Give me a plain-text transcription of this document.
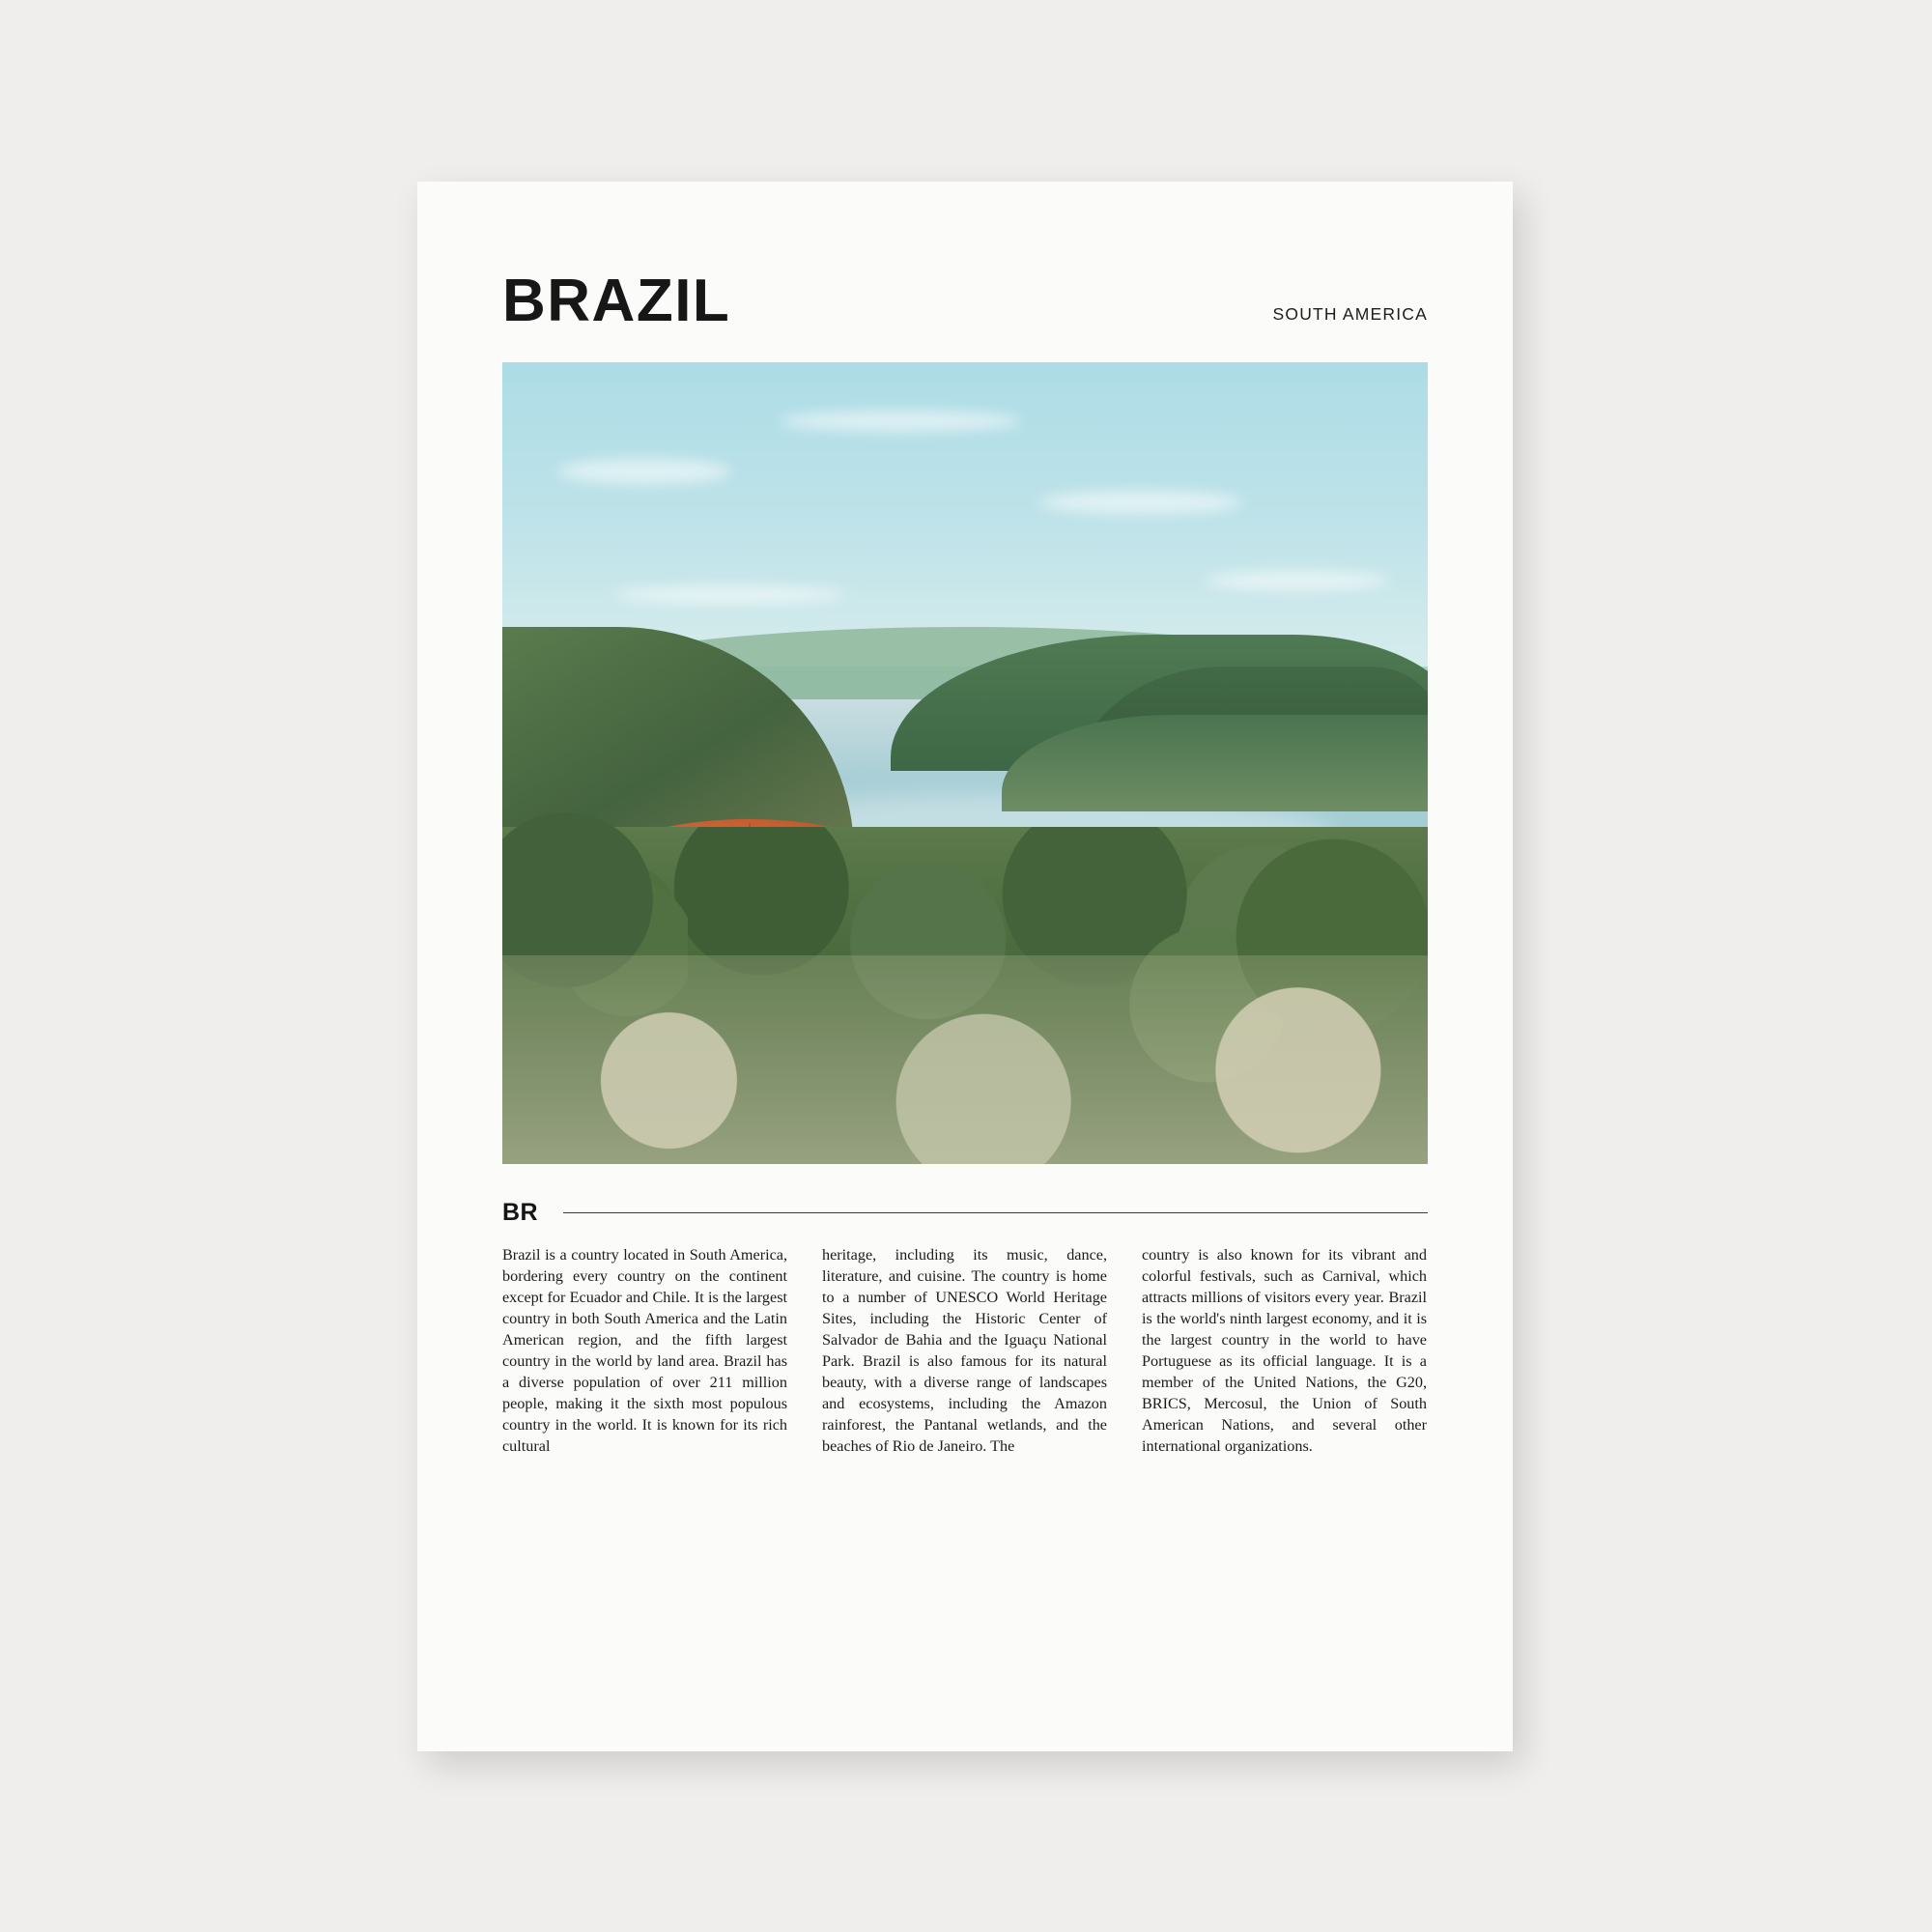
BRAZIL	SOUTH AMERICA
BR
Brazil is a country located in South America, bordering every country on the continent except for Ecuador and Chile. It is the largest country in both South America and the Latin American region, and the fifth largest country in the world by land area. Brazil has a diverse population of over 211 million people, making it the sixth most populous country in the world. It is known for its rich cultural
heritage, including its music, dance, literature, and cuisine. The country is home to a number of UNESCO World Heritage Sites, including the Historic Center of Salvador de Bahia and the Iguaçu National Park. Brazil is also famous for its natural beauty, with a diverse range of landscapes and ecosystems, including the Amazon rainforest, the Pantanal wetlands, and the beaches of Rio de Janeiro. The
country is also known for its vibrant and colorful festivals, such as Carnival, which attracts millions of visitors every year. Brazil is the world's ninth largest economy, and it is the largest country in the world to have Portuguese as its official language. It is a member of the United Nations, the G20, BRICS, Mercosul, the Union of South American Nations, and several other international organizations.
